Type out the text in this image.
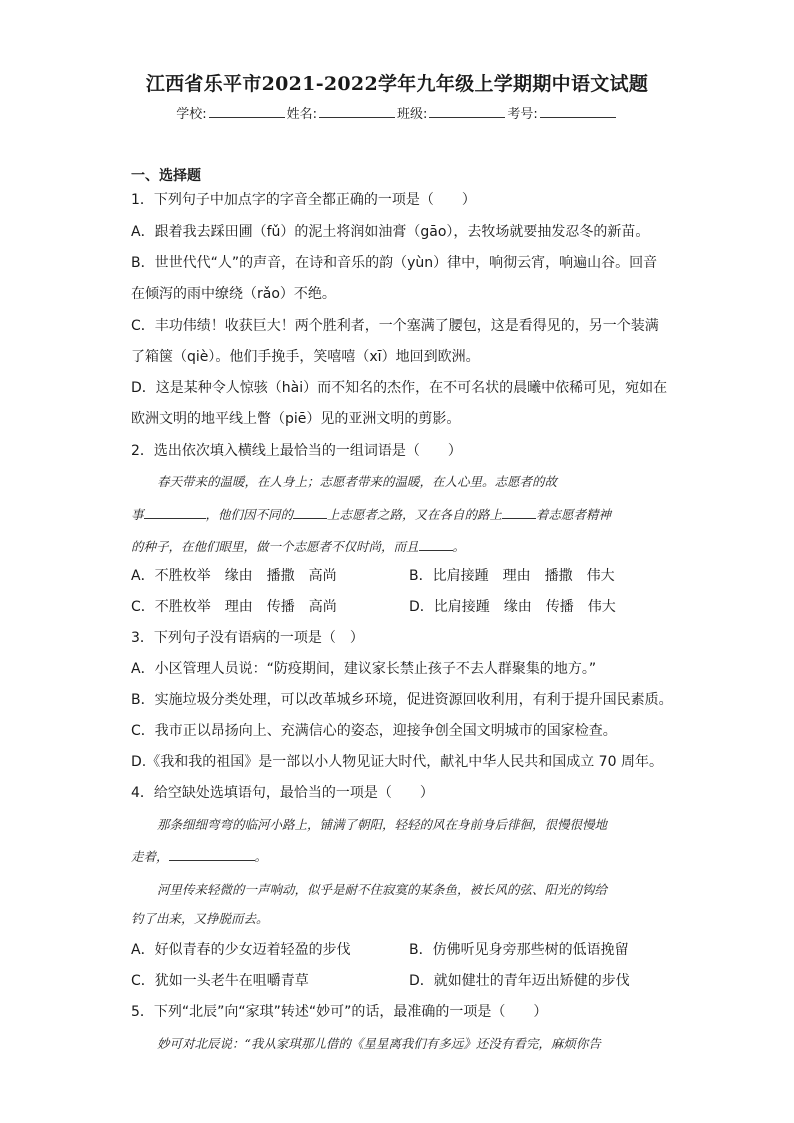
江西省乐平市2021-2022学年九年级上学期期中语文试题
学校:	姓名:	班级:	考号:
一、选择题
1．下列句子中加点字的字音全都正确的一项是（　　）
A．跟着我去踩田圃（fǔ）的泥土将润如油膏（gāo），去牧场就要抽发忍冬的新苗。
B．世世代代“人”的声音，在诗和音乐的韵（yùn）律中，响彻云宵，响遍山谷。回音
在倾泻的雨中缭绕（rǎo）不绝。
C．丰功伟绩！收获巨大！两个胜利者，一个塞满了腰包，这是看得见的，另一个装满
了箱箧（qiè）。他们手挽手，笑嘻嘻（xī）地回到欧洲。
D．这是某种令人惊骇（hài）而不知名的杰作，在不可名状的晨曦中依稀可见，宛如在
欧洲文明的地平线上瞥（piē）见的亚洲文明的剪影。
2．选出依次填入横线上最恰当的一组词语是（　　）
春天带来的温暖，在人身上；志愿者带来的温暖，在人心里。志愿者的故
事	，他们因不同的	上志愿者之路，又在各自的路上	着志愿者精神
的种子，在他们眼里，做一个志愿者不仅时尚，而且	。
A．不胜枚举　缘由　播撒　高尚	B．比肩接踵　理由　播撒　伟大
C．不胜枚举　理由　传播　高尚	D．比肩接踵　缘由　传播　伟大
3．下列句子没有语病的一项是（　）
A．小区管理人员说：“防疫期间，建议家长禁止孩子不去人群聚集的地方。”
B．实施垃圾分类处理，可以改革城乡环境，促进资源回收利用，有利于提升国民素质。
C．我市正以昂扬向上、充满信心的姿态，迎接争创全国文明城市的国家检查。
D.《我和我的祖国》是一部以小人物见证大时代，献礼中华人民共和国成立 70 周年。
4．给空缺处选填语句，最恰当的一项是（　　）
那条细细弯弯的临河小路上，铺满了朝阳，轻轻的风在身前身后徘徊，很慢很慢地
走着，	。
河里传来轻微的一声响动，似乎是耐不住寂寞的某条鱼，被长风的弦、阳光的钩给
钓了出来，又挣脱而去。
A．好似青春的少女迈着轻盈的步伐	B．仿佛听见身旁那些树的低语挽留
C．犹如一头老牛在咀嚼青草	D．就如健壮的青年迈出矫健的步伐
5．下列“北辰”向“家琪”转述“妙可”的话，最准确的一项是（　　）
妙可对北辰说：“我从家琪那儿借的《星星离我们有多远》还没有看完，麻烦你告
